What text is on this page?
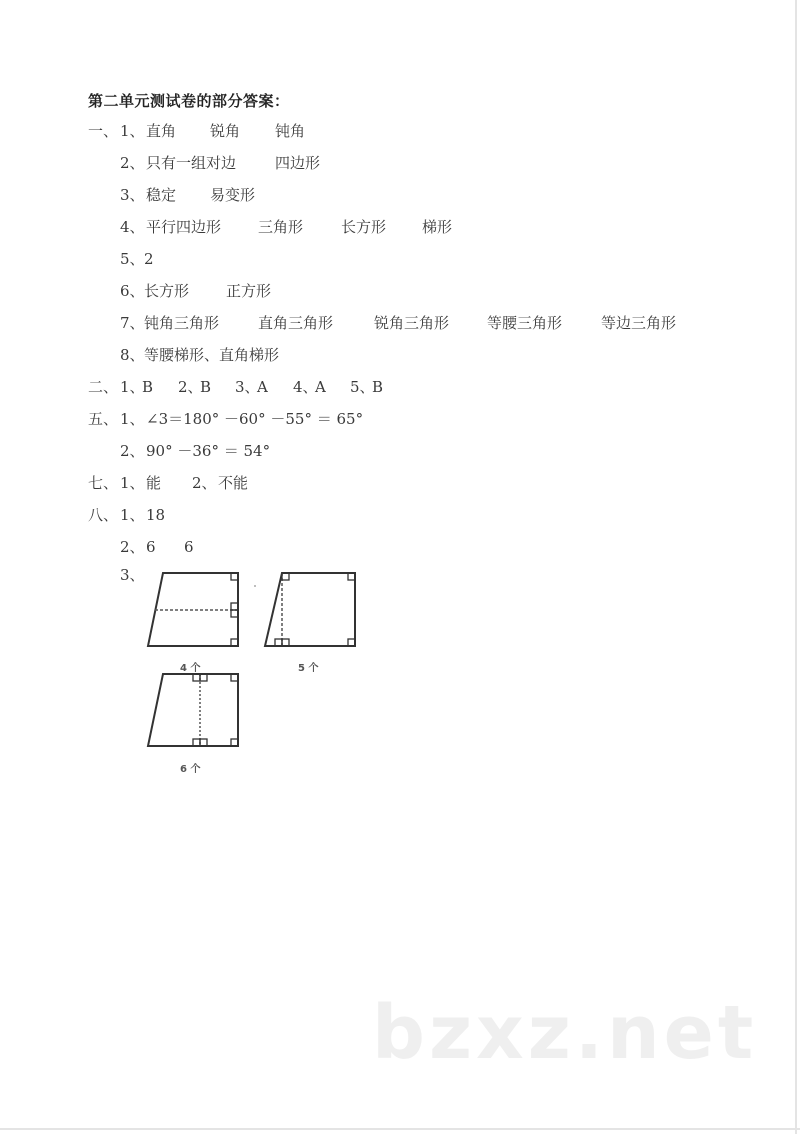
第二单元测试卷的部分答案：
一、 1、 直角 锐角 钝角
2、 只有一组对边	四边形
3、 稳定 易变形
4、 平行四边形 三角形	长方形 梯形
5、 2
6、 长方形 正方形
7、 钝角三角形	直角三角形	锐角三角形	等腰三角形	等边三角形
8、 等腰梯形、直角梯形
二、 1、
B 2、
B 3、
A 4、
A 5、
B
五、 1、 ∠3＝180° －60° －55° ＝ 65°
2、 90° －36° ＝ 54°
七、 1、 能 2、 不能
八、 1、 18
2、 6 6
3、
4 个	5 个
6 个
bzxz.net
